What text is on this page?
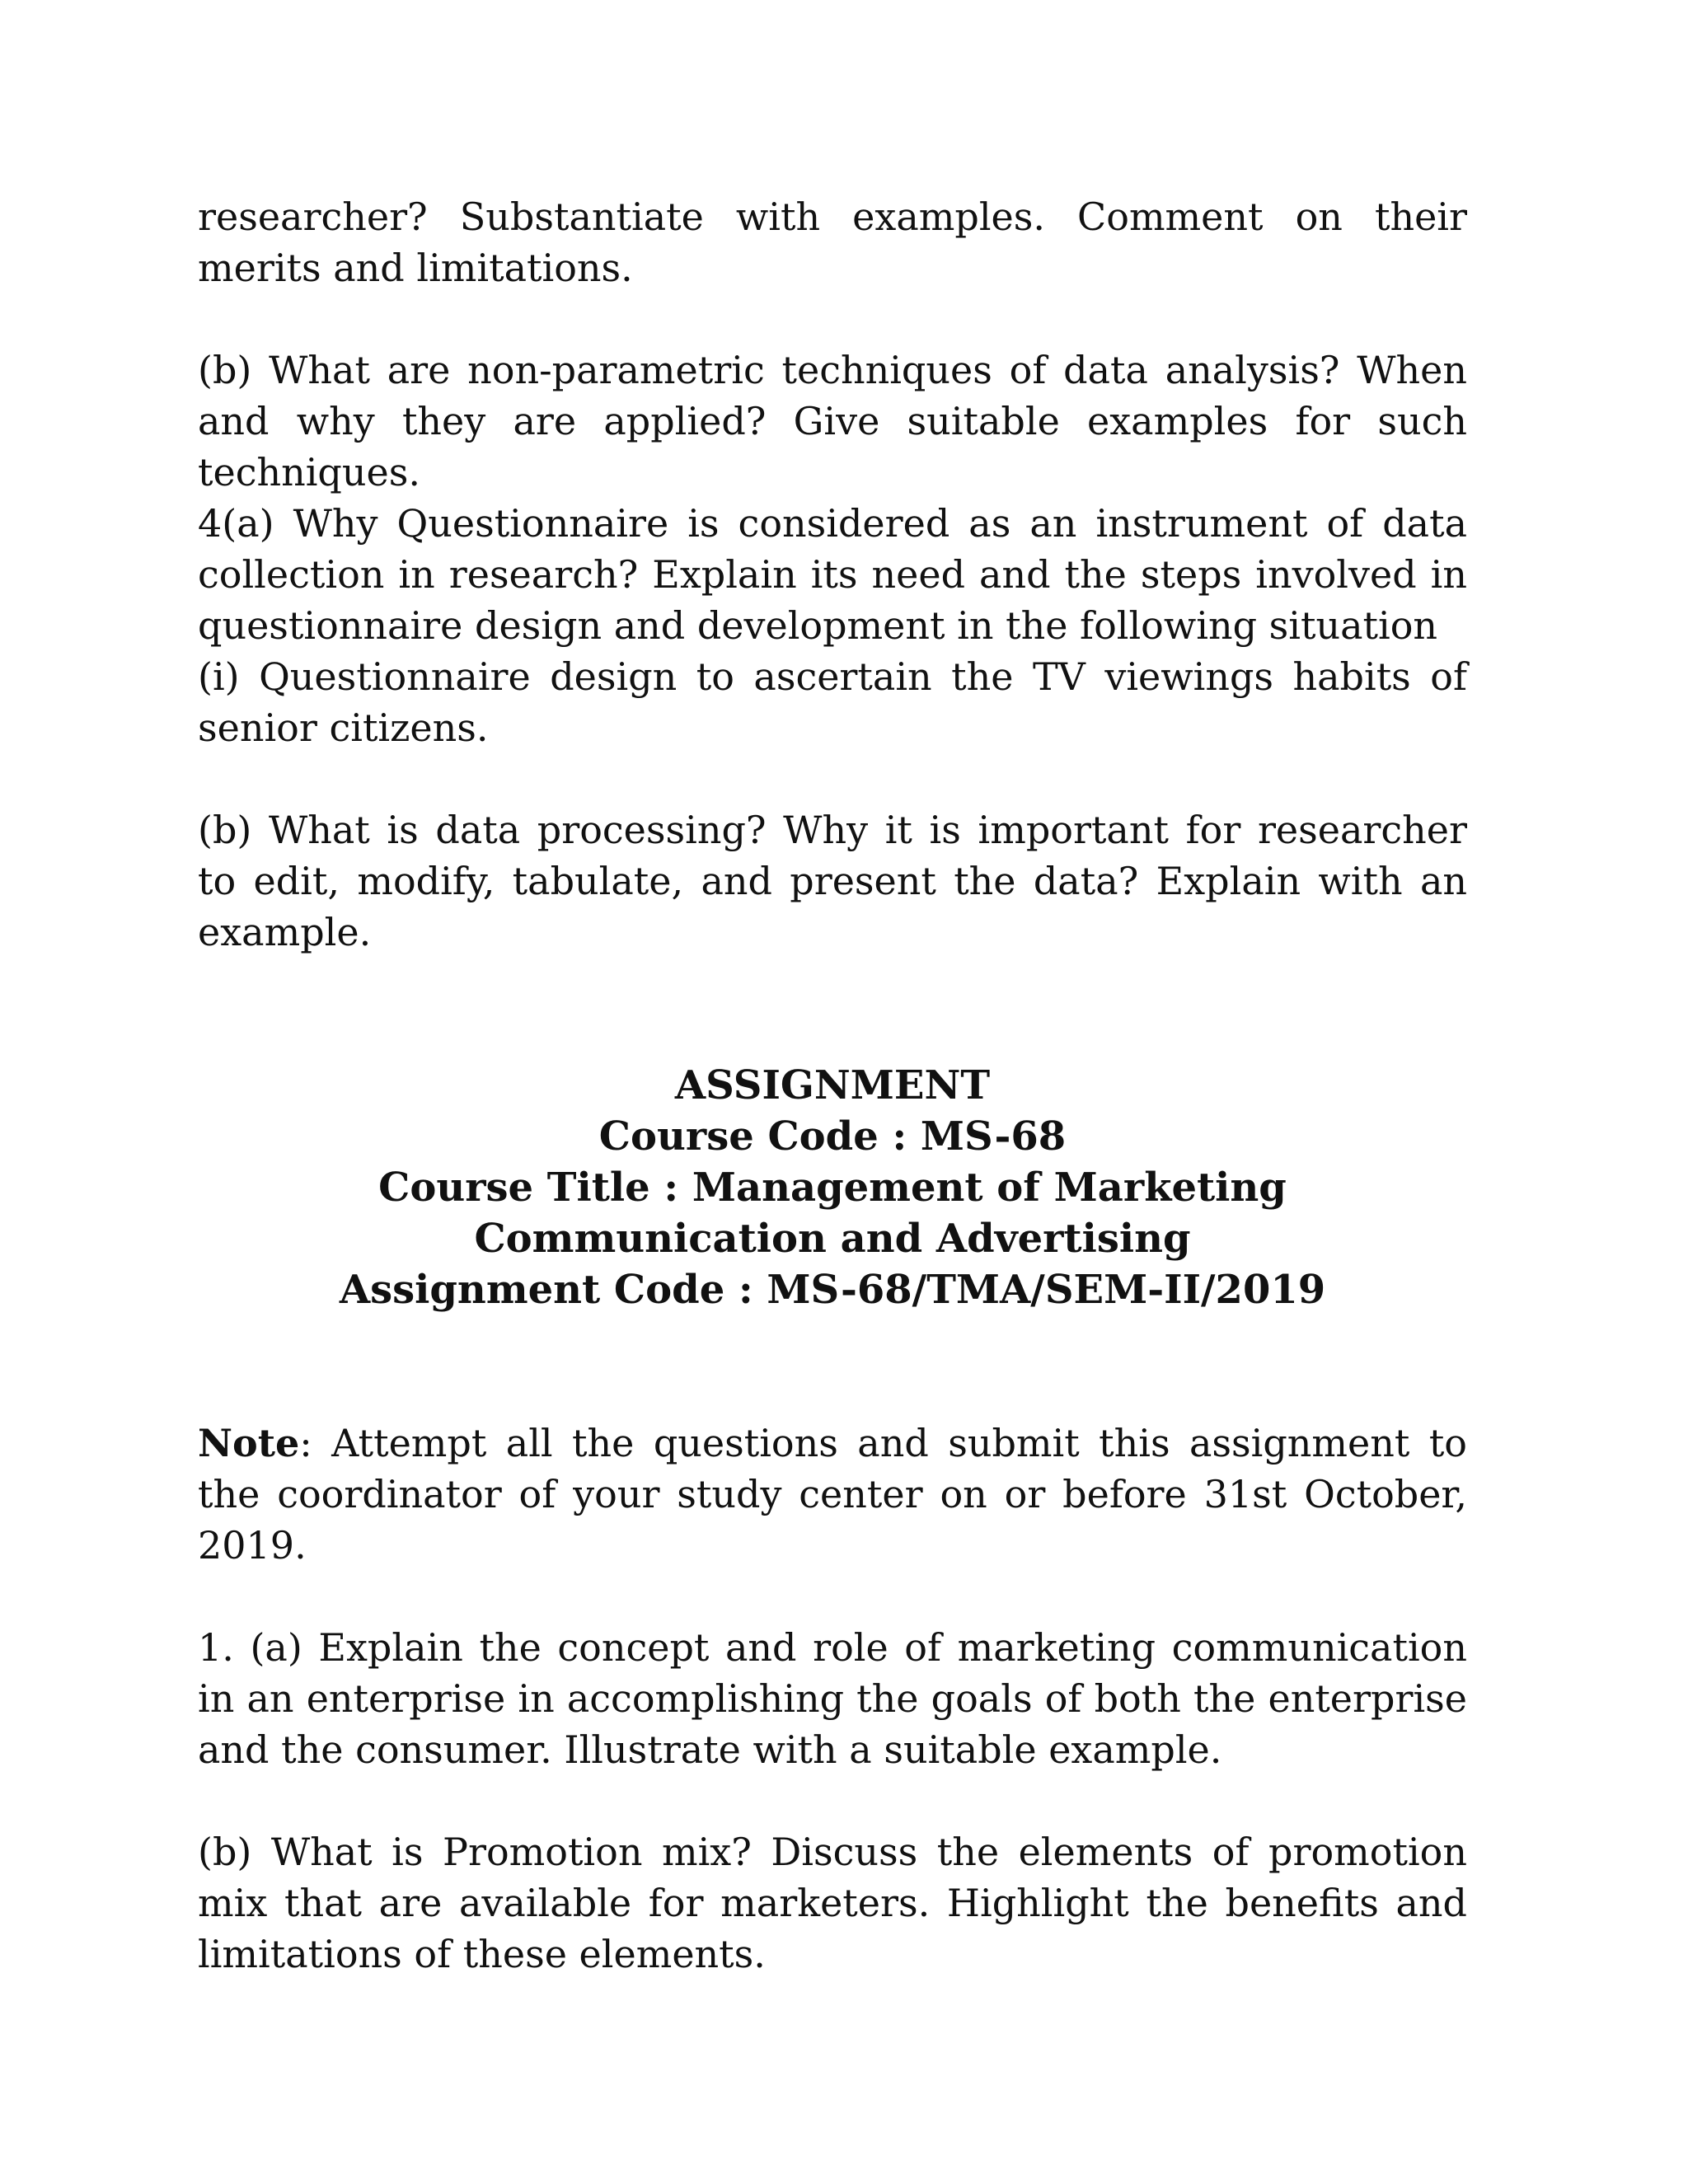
researcher? Substantiate with examples. Comment on their merits and limitations.

(b) What are non-parametric techniques of data analysis? When and why they are applied? Give suitable examples for such techniques.

4(a) Why Questionnaire is considered as an instrument of data collection in research? Explain its need and the steps involved in questionnaire design and development in the following situation

(i) Questionnaire design to ascertain the TV viewings habits of senior citizens.

(b) What is data processing? Why it is important for researcher to edit, modify, tabulate, and present the data? Explain with an example.

ASSIGNMENT

Course Code : MS-68

Course Title : Management of Marketing Communication and Advertising

Assignment Code : MS-68/TMA/SEM-II/2019

Note: Attempt all the questions and submit this assignment to the coordinator of your study center on or before 31st October, 2019.

1. (a) Explain the concept and role of marketing communication in an enterprise in accomplishing the goals of both the enterprise and the consumer. Illustrate with a suitable example.

(b) What is Promotion mix? Discuss the elements of promotion mix that are available for marketers. Highlight the benefits and limitations of these elements.
